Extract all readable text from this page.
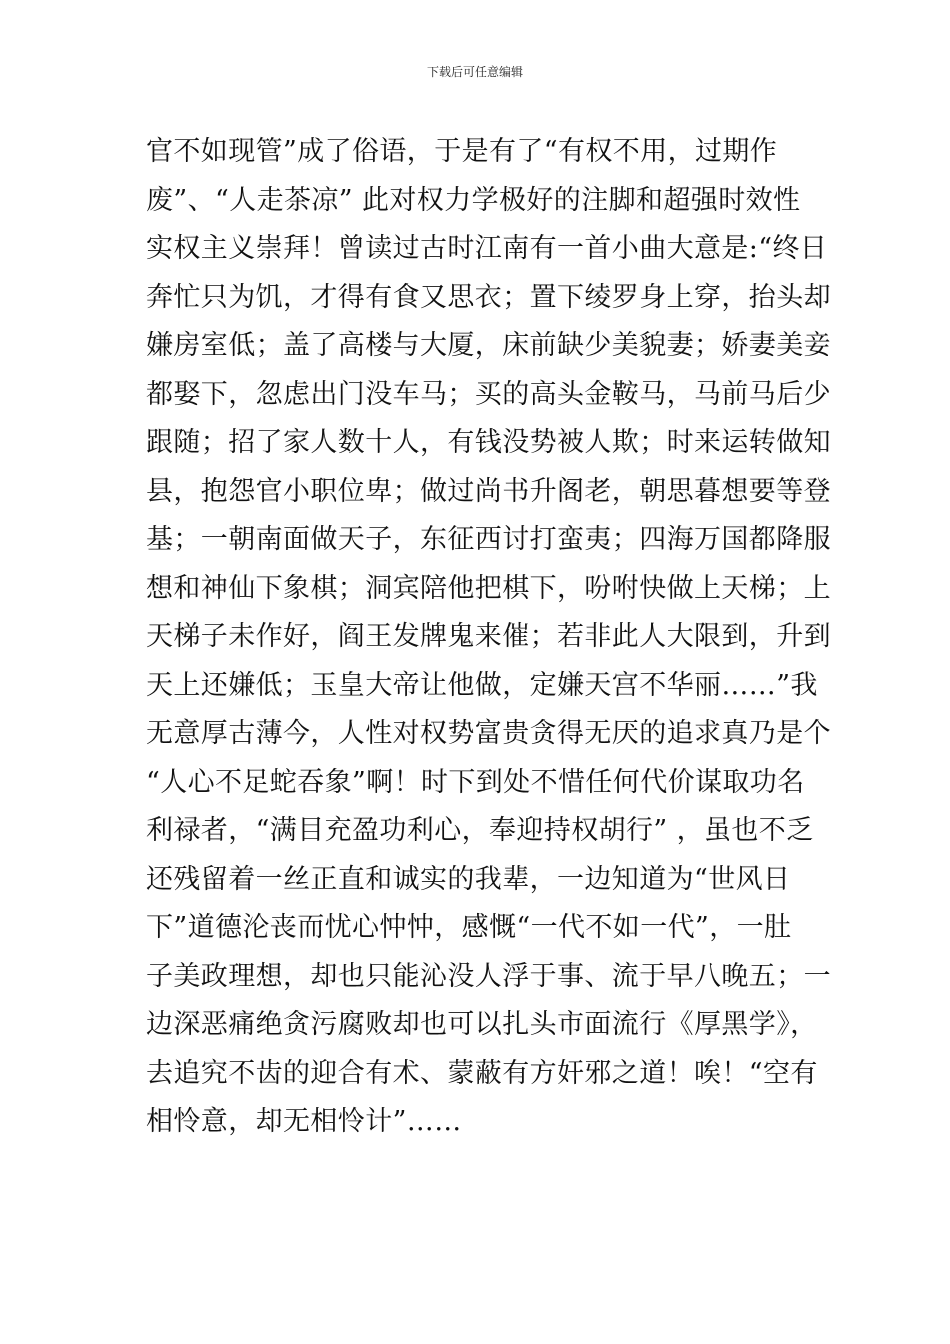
下载后可任意编辑
官不如现管”成了俗语，于是有了“有权不用，过期作
废”、“人走茶凉” 此对权力学极好的注脚和超强时效性
实权主义崇拜！曾读过古时江南有一首小曲大意是:“终日
奔忙只为饥，才得有食又思衣；置下绫罗身上穿，抬头却
嫌房室低；盖了高楼与大厦，床前缺少美貌妻；娇妻美妾
都娶下，忽虑出门没车马；买的高头金鞍马，马前马后少
跟随；招了家人数十人，有钱没势被人欺；时来运转做知
县，抱怨官小职位卑；做过尚书升阁老，朝思暮想要等登
基；一朝南面做天子，东征西讨打蛮夷；四海万国都降服
想和神仙下象棋；洞宾陪他把棋下，吩咐快做上天梯；上
天梯子未作好，阎王发牌鬼来催；若非此人大限到，升到
天上还嫌低；玉皇大帝让他做，定嫌天宫不华丽……”我
无意厚古薄今，人性对权势富贵贪得无厌的追求真乃是个
“人心不足蛇吞象”啊！时下到处不惜任何代价谋取功名
利禄者，“满目充盈功利心，奉迎持权胡行” ，虽也不乏
还残留着一丝正直和诚实的我辈，一边知道为“世风日
下”道德沦丧而忧心忡忡，感慨“一代不如一代”，一肚
子美政理想，却也只能沁没人浮于事、流于早八晚五；一
边深恶痛绝贪污腐败却也可以扎头市面流行《厚黑学》，
去追究不齿的迎合有术、蒙蔽有方奸邪之道！唉！“空有
相怜意，却无相怜计”……
